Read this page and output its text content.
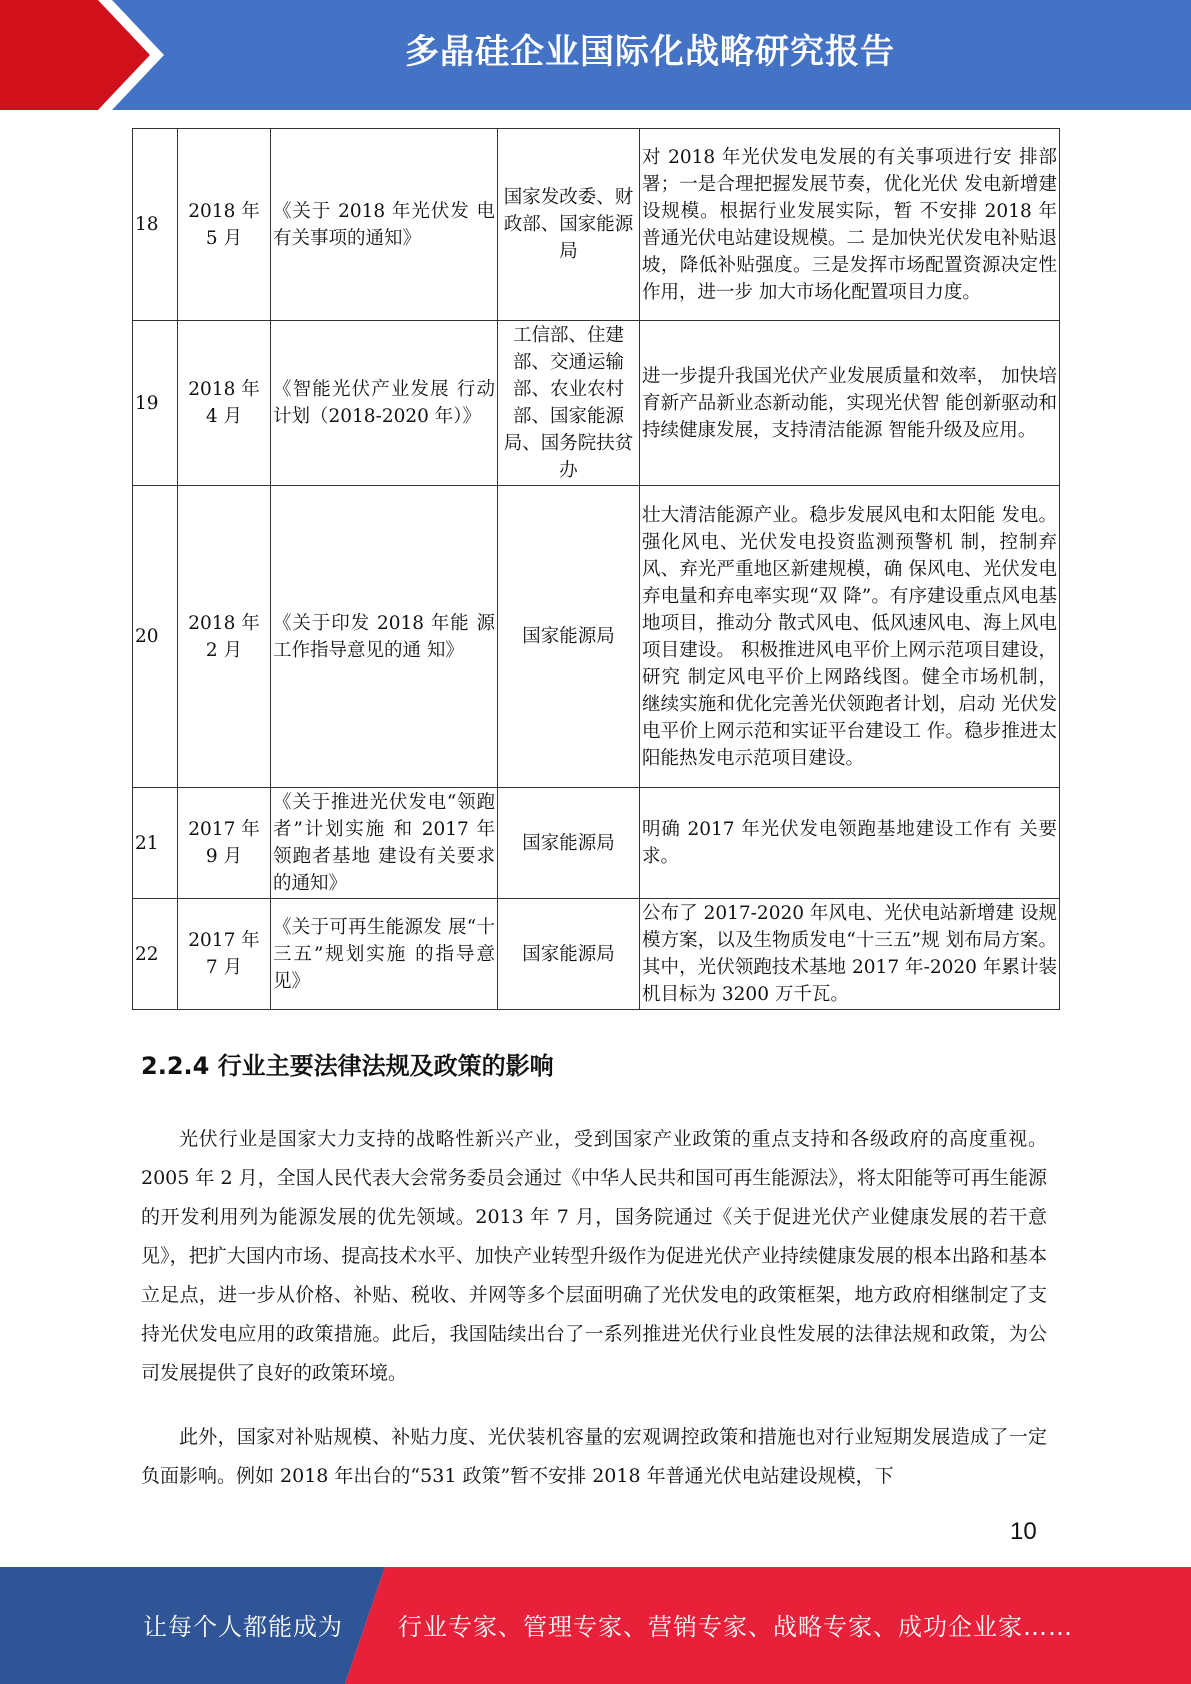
多晶硅企业国际化战略研究报告
18	2018 年 5 月	《关于 2018 年光伏发 电有关事项的通知》	国家发改委、财政部、国家能源局	对 2018 年光伏发电发展的有关事项进行安 排部署；一是合理把握发展节奏，优化光伏 发电新增建设规模。根据行业发展实际，暂 不安排 2018 年普通光伏电站建设规模。二 是加快光伏发电补贴退坡，降低补贴强度。三是发挥市场配置资源决定性作用，进一步 加大市场化配置项目力度。
19	2018 年 4 月	《智能光伏产业发展 行动计划（2018-2020 年）》	工信部、住建部、交通运输部、农业农村部、国家能源局、国务院扶贫办	进一步提升我国光伏产业发展质量和效率， 加快培育新产品新业态新动能，实现光伏智 能创新驱动和持续健康发展，支持清洁能源 智能升级及应用。
20	2018 年 2 月	《关于印发 2018 年能 源工作指导意见的通 知》	国家能源局	壮大清洁能源产业。稳步发展风电和太阳能 发电。强化风电、光伏发电投资监测预警机 制，控制弃风、弃光严重地区新建规模，确 保风电、光伏发电弃电量和弃电率实现“双 降”。有序建设重点风电基地项目，推动分 散式风电、低风速风电、海上风电项目建设。 积极推进风电平价上网示范项目建设，研究 制定风电平价上网路线图。健全市场机制， 继续实施和优化完善光伏领跑者计划，启动 光伏发电平价上网示范和实证平台建设工 作。稳步推进太阳能热发电示范项目建设。
21	2017 年 9 月	《关于推进光伏发电“领跑者”计划实施 和 2017 年领跑者基地 建设有关要求的通知》	国家能源局	明确 2017 年光伏发电领跑基地建设工作有 关要求。
22	2017 年 7 月	《关于可再生能源发 展“十三五”规划实施 的指导意见》	国家能源局	公布了 2017-2020 年风电、光伏电站新增建 设规模方案，以及生物质发电“十三五”规 划布局方案。其中，光伏领跑技术基地 2017 年-2020 年累计装机目标为 3200 万千瓦。
2.2.4 行业主要法律法规及政策的影响

光伏行业是国家大力支持的战略性新兴产业，受到国家产业政策的重点支持和各级政府的高度重视。2005 年 2 月，全国人民代表大会常务委员会通过《中华人民共和国可再生能源法》，将太阳能等可再生能源的开发利用列为能源发展的优先领域。2013 年 7 月，国务院通过《关于促进光伏产业健康发展的若干意见》，把扩大国内市场、提高技术水平、加快产业转型升级作为促进光伏产业持续健康发展的根本出路和基本立足点，进一步从价格、补贴、税收、并网等多个层面明确了光伏发电的政策框架，地方政府相继制定了支持光伏发电应用的政策措施。此后，我国陆续出台了一系列推进光伏行业良性发展的法律法规和政策，为公司发展提供了良好的政策环境。

此外，国家对补贴规模、补贴力度、光伏装机容量的宏观调控政策和措施也对行业短期发展造成了一定负面影响。例如 2018 年出台的“531 政策”暂不安排 2018 年普通光伏电站建设规模，下

10
让每个人都能成为 行业专家、管理专家、营销专家、战略专家、成功企业家……
